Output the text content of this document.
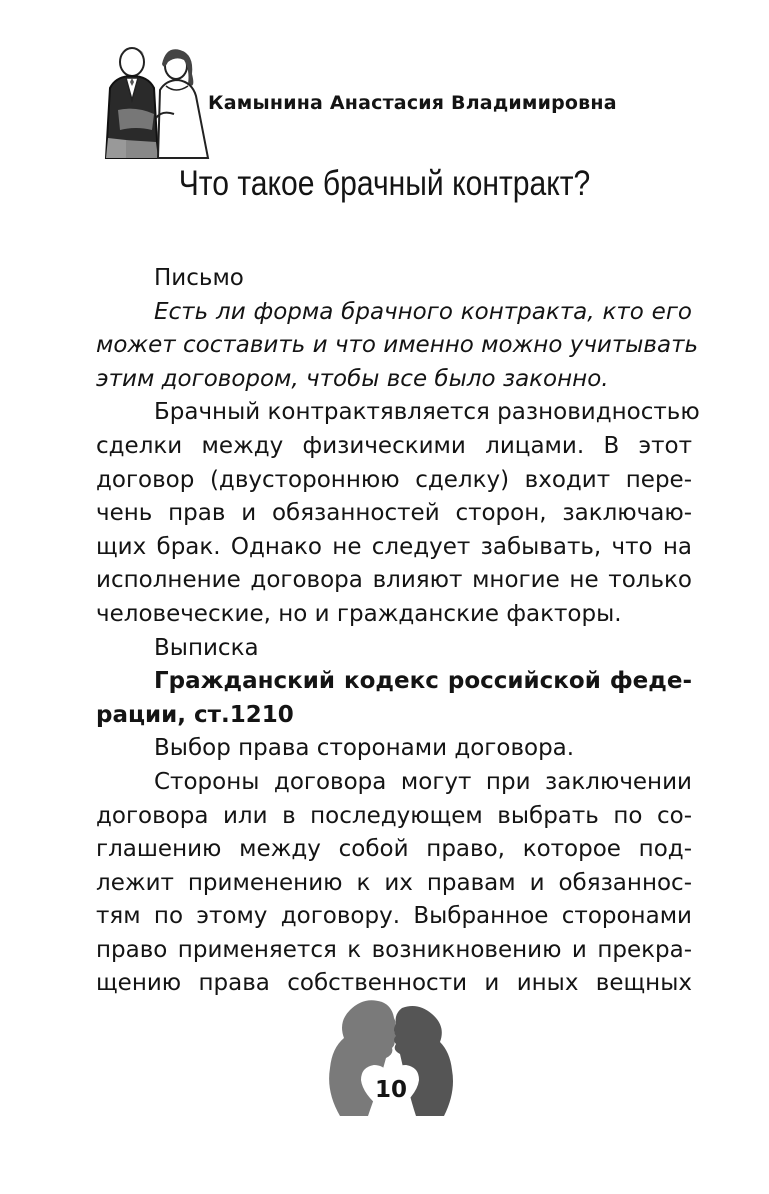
Камынина Анастасия Владимировна
Что такое брачный контракт?
Письмо
Есть ли форма брачного контракта, кто его
может составить и что именно можно учитывать
этим договором, чтобы все было законно.
Брачный контрактявляется разновидностью
сделки между физическими лицами. В этот
договор (двустороннюю сделку) входит пере-
чень прав и обязанностей сторон, заключаю-
щих брак. Однако не следует забывать, что на
исполнение договора влияют многие не только
человеческие, но и гражданские факторы.
Выписка
Гражданский кодекс российской феде-
рации, ст.1210
Выбор права сторонами договора.
Стороны договора могут при заключении
договора или в последующем выбрать по со-
глашению между собой право, которое под-
лежит применению к их правам и обязаннос-
тям по этому договору. Выбранное сторонами
право применяется к возникновению и прекра-
щению права собственности и иных вещных
10
